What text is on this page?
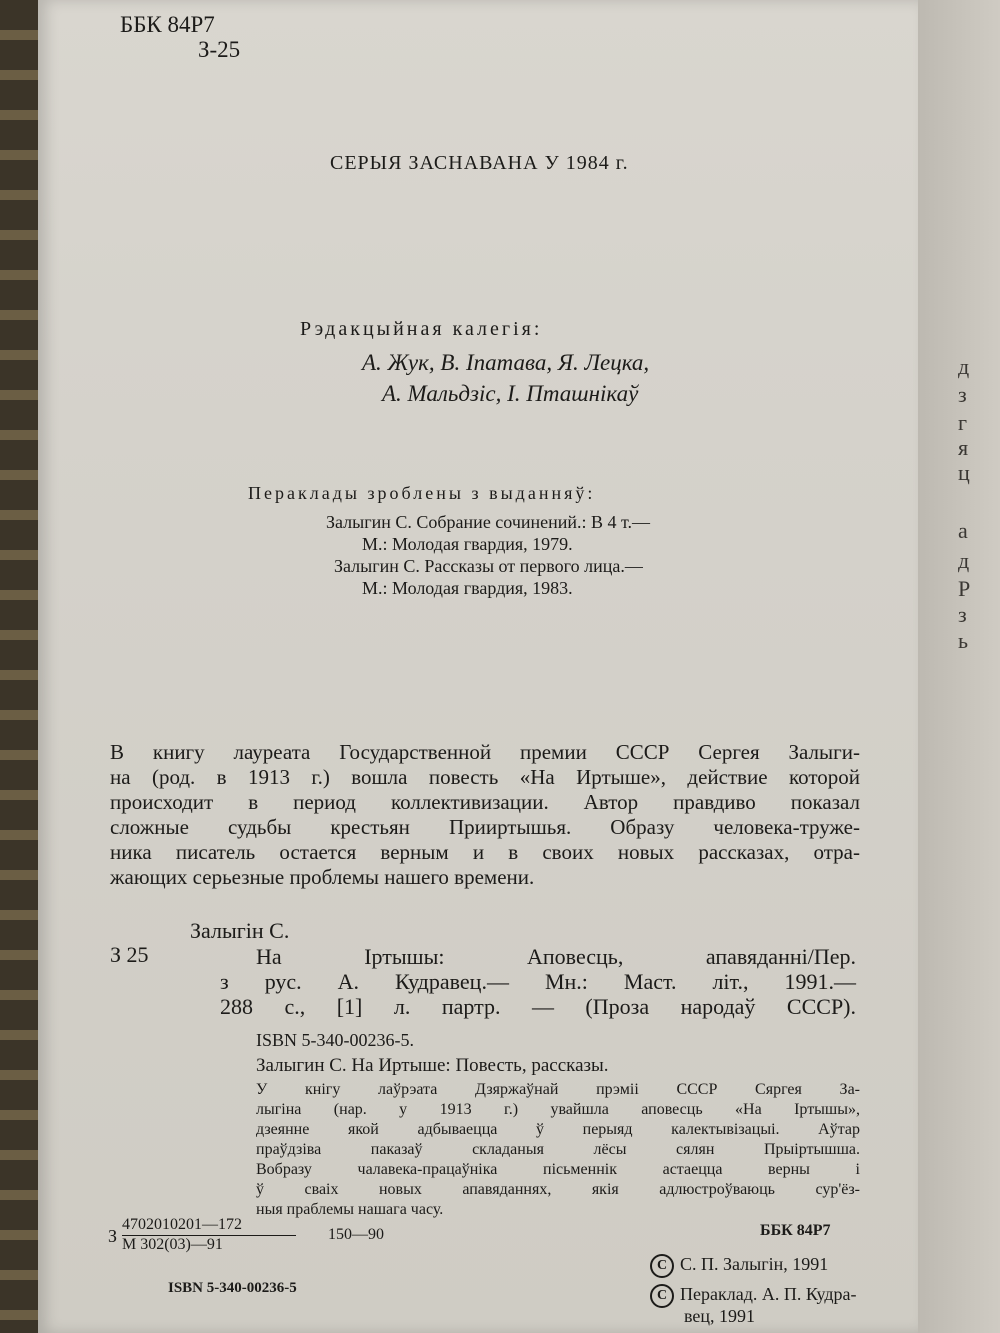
д
з
г
я
ц
а
д
Р
з
ь
ББК 84Р7
З-25
СЕРЫЯ ЗАСНАВАНА У 1984 г.
Рэдакцыйная калегія:
А. Жук, В. Іпатава, Я. Лецка,
А. Мальдзіс, І. Пташнікаў
Пераклады зроблены з выданняў:
Залыгин С. Собрание сочинений.: В 4 т.—
М.: Молодая гвардия, 1979.
Залыгин С. Рассказы от первого лица.—
М.: Молодая гвардия, 1983.
В книгу лауреата Государственной премии СССР Сергея Залыги-
на (род. в 1913 г.) вошла повесть «На Иртыше», действие которой
происходит в период коллективизации. Автор правдиво показал
сложные судьбы крестьян Прииртышья. Образу человека-труже-
ника писатель остается верным и в своих новых рассказах, отра-
жающих серьезные проблемы нашего времени.
Залыгін С.
З 25	На Іртышы: Аповесць, апавяданні/Пер.
з рус. А. Кудравец.— Мн.: Маст. літ., 1991.—
288 с., [1] л. партр. — (Проза народаў СССР).
ISBN 5-340-00236-5.
Залыгин С. На Иртыше: Повесть, рассказы.
У кнігу лаўрэата Дзяржаўнай прэміі СССР Сяргея За-
лыгіна (нар. у 1913 г.) увайшла аповесць «На Іртышы»,
дзеянне якой адбываецца ў перыяд калектывізацыі. Аўтар
праўдзіва паказаў складаныя лёсы сялян Прыіртышша.
Вобразу чалавека-працаўніка пісьменнік астаецца верны і
ў сваіх новых апавяданнях, якія адлюстроўваюць сур'ёз-
ныя праблемы нашага часу.
З
4702010201—172
М 302(03)—91
150—90	ББК 84Р7
C С. П. Залыгін, 1991
C Пераклад. А. П. Кудра-
вец, 1991
ISBN 5-340-00236-5
